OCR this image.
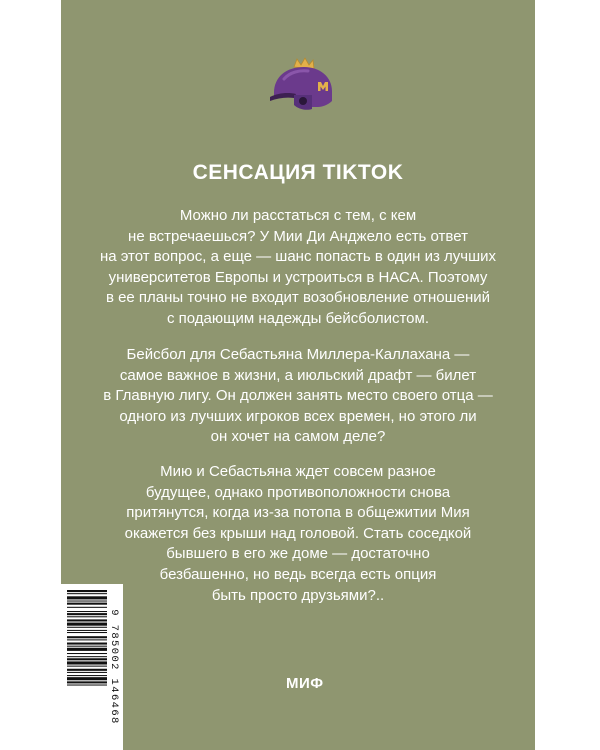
СЕНСАЦИЯ TIKTOK

Можно ли расстаться с тем, с кем
не встречаешься? У Мии Ди Анджело есть ответ
на этот вопрос, а еще — шанс попасть в один из лучших
университетов Европы и устроиться в НАСА. Поэтому
в ее планы точно не входит возобновление отношений
с подающим надежды бейсболистом.

Бейсбол для Себастьяна Миллера-Каллахана —
самое важное в жизни, а июльский драфт — билет
в Главную лигу. Он должен занять место своего отца —
одного из лучших игроков всех времен, но этого ли
он хочет на самом деле?

Мию и Себастьяна ждет совсем разное
будущее, однако противоположности снова
притянутся, когда из-за потопа в общежитии Мия
окажется без крыши над головой. Стать соседкой
бывшего в его же доме — достаточно
безбашенно, но ведь всегда есть опция
быть просто друзьями?..

9 785002 146468	МИФ
